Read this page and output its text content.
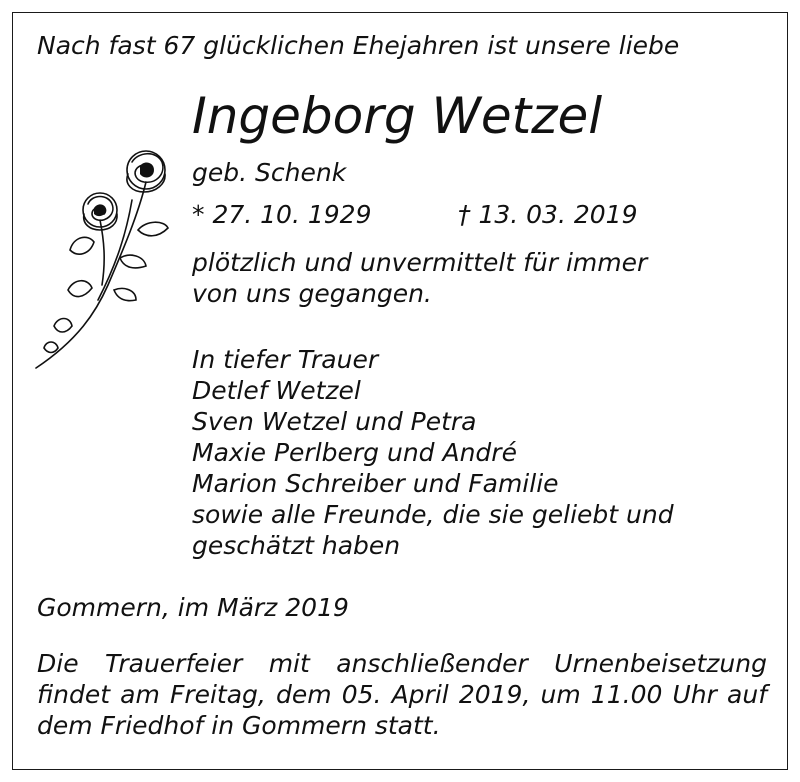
Nach fast 67 glücklichen Ehejahren ist unsere liebe

Ingeborg Wetzel

geb. Schenk

* 27. 10. 1929	† 13. 03. 2019

plötzlich und unvermittelt für immer
von uns gegangen.

In tiefer Trauer
Detlef Wetzel
Sven Wetzel und Petra
Maxie Perlberg und André
Marion Schreiber und Familie
sowie alle Freunde, die sie geliebt und
geschätzt haben

Gommern, im März 2019

Die Trauerfeier mit anschließender Urnenbeisetzung findet am Freitag, dem 05. April 2019, um 11.00 Uhr auf dem Friedhof in Gommern statt.
